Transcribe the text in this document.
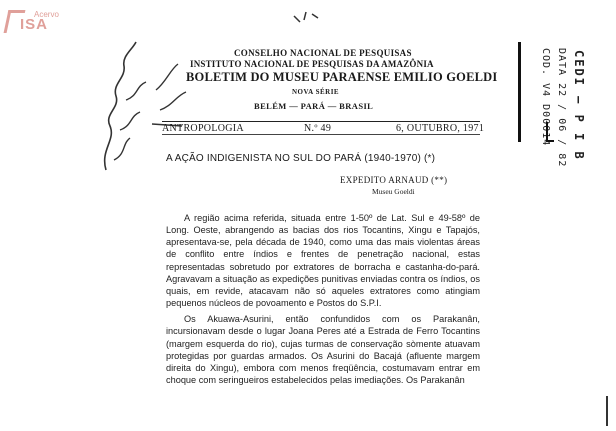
Acervo
ISA
CONSELHO NACIONAL DE PESQUISAS
INSTITUTO NACIONAL DE PESQUISAS DA AMAZÔNIA
BOLETIM DO MUSEU PARAENSE EMILIO GOELDI
NOVA SÉRIE
BELÉM — PARÁ — BRASIL
ANTROPOLOGIA	N.º 49	6, OUTUBRO, 1971
A AÇÃO INDIGENISTA NO SUL DO PARÁ (1940-1970) (*)
EXPEDITO ARNAUD (**)
Museu Goeldi

A região acima referida, situada entre 1-50º de Lat. Sul e 49-58º de Long. Oeste, abrangendo as bacias dos rios Tocantins, Xingu e Tapajós, apresentava-se, pela década de 1940, como uma das mais violentas áreas de conflito entre índios e frentes de penetração nacional, estas representadas sobretudo por extratores de borracha e castanha-do-pará. Agravavam a situação as expedições punitivas enviadas contra os índios, os quais, em revide, atacavam não só aqueles extratores como atingiam pequenos núcleos de povoamento e Postos do S.P.I.

Os Akuawa-Asurini, então confundidos com os Parakanân, incursionavam desde o lugar Joana Peres até a Estrada de Ferro Tocantins (margem esquerda do rio), cujas turmas de conservação sòmente atuavam protegidas por guardas armados. Os Asurini do Bacajá (afluente margem direita do Xingu), embora com menos freqüência, costumavam entrar em choque com seringueiros estabelecidos pelas imediações. Os Parakanân

CEDI — P I B
DATA 22 / 06 / 82
COD. V4 D00014
